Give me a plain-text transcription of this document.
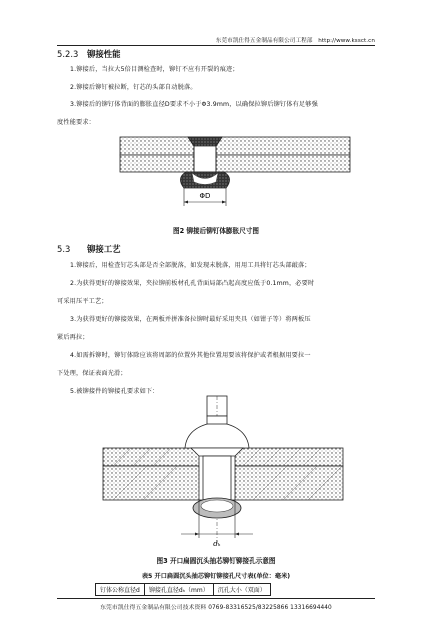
东莞市凯仕得五金制品有限公司工程部 http://www.kssct.cn
5.2.3 铆接性能
1.铆接后，当拉大5倍目测检查时，铆钉不应有开裂的痕迹；
2.铆接后铆钉被拉断，钉芯的头部自动脱落。
3.铆接后的铆钉体背面的膨胀直径D要求不小于Φ3.9mm，以确保拉铆后铆钉体有足够强
度性能要求：
ΦD
图2 铆接后铆钉体膨胀尺寸图
5.3 铆接工艺
1.铆接后，用检查钉芯头部是否全部脱落，如发现未脱落，用用工具将钉芯头部敲落；
2.为获得更好的铆接效果，夹拉铆前板材孔孔背面局部凸起高度应低于0.1mm，必要时
可采用压平工艺；
3.为获得更好的铆接效果，在两板并拼准备拉铆时最好采用夹具（如钳子等）将两板压
紧后再拉；
4.如需拆铆时，铆钉体除应该将周部的位置外其他位置用要该将保护或者根据用要拉一
下处理，保证表面光滑；
5.被铆接件的铆接孔要求如下：
dₕ
图3 开口扁圆沉头抽芯铆钉铆接孔示意图
表5 开口扁圆沉头抽芯铆钉铆接孔尺寸表(单位：毫米)
钉体公称直径d	铆接孔直径dₕ（mm）	沉孔大小（双面）
东莞市凯仕得五金制品有限公司技术资料 0769-83316525/83225866 13316694440
